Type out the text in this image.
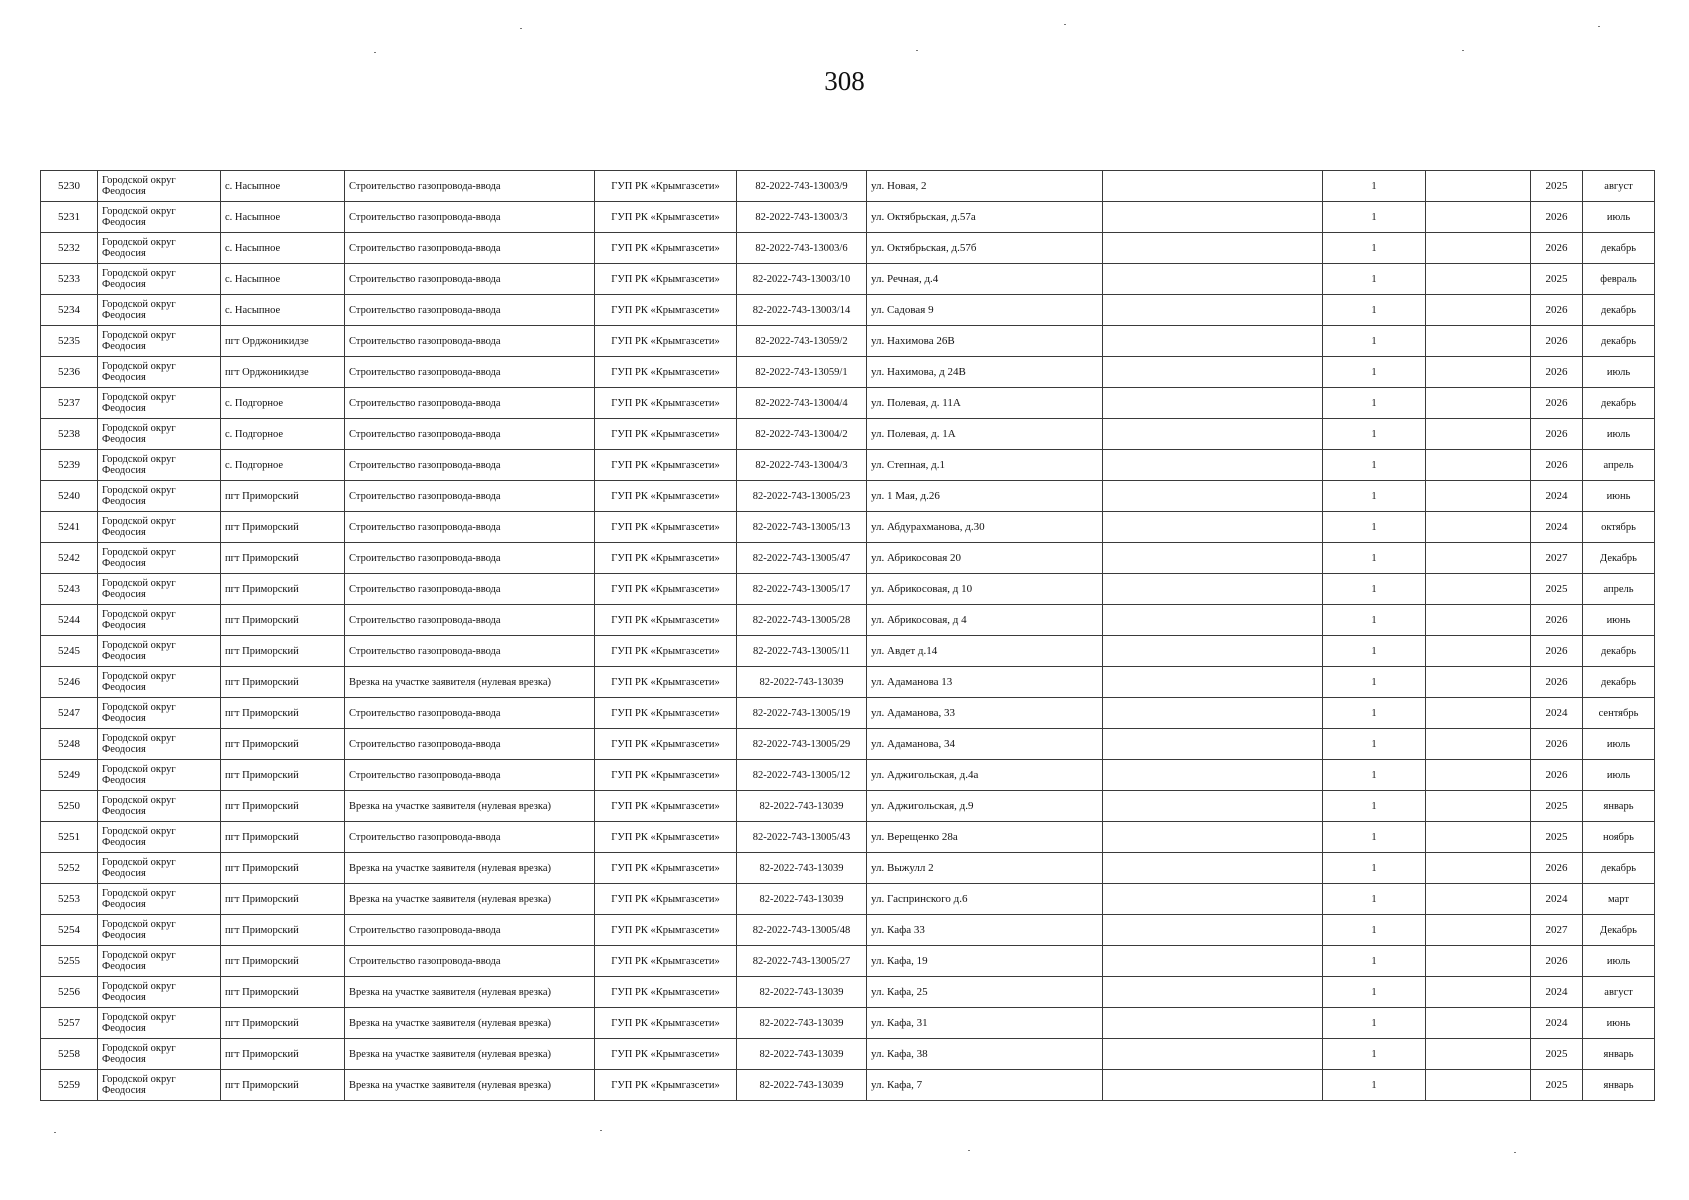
308
5230	Городской округ Феодосия	с. Насыпное	Строительство газопровода-ввода	ГУП РК «Крымгазсети»	82-2022-743-13003/9	ул. Новая, 2		1		2025	август
5231	Городской округ Феодосия	с. Насыпное	Строительство газопровода-ввода	ГУП РК «Крымгазсети»	82-2022-743-13003/3	ул. Октябрьская, д.57а		1		2026	июль
5232	Городской округ Феодосия	с. Насыпное	Строительство газопровода-ввода	ГУП РК «Крымгазсети»	82-2022-743-13003/6	ул. Октябрьская, д.57б		1		2026	декабрь
5233	Городской округ Феодосия	с. Насыпное	Строительство газопровода-ввода	ГУП РК «Крымгазсети»	82-2022-743-13003/10	ул. Речная, д.4		1		2025	февраль
5234	Городской округ Феодосия	с. Насыпное	Строительство газопровода-ввода	ГУП РК «Крымгазсети»	82-2022-743-13003/14	ул. Садовая 9		1		2026	декабрь
5235	Городской округ Феодосия	пгт Орджоникидзе	Строительство газопровода-ввода	ГУП РК «Крымгазсети»	82-2022-743-13059/2	ул. Нахимова 26В		1		2026	декабрь
5236	Городской округ Феодосия	пгт Орджоникидзе	Строительство газопровода-ввода	ГУП РК «Крымгазсети»	82-2022-743-13059/1	ул. Нахимова, д 24В		1		2026	июль
5237	Городской округ Феодосия	с. Подгорное	Строительство газопровода-ввода	ГУП РК «Крымгазсети»	82-2022-743-13004/4	ул. Полевая, д. 11А		1		2026	декабрь
5238	Городской округ Феодосия	с. Подгорное	Строительство газопровода-ввода	ГУП РК «Крымгазсети»	82-2022-743-13004/2	ул. Полевая, д. 1А		1		2026	июль
5239	Городской округ Феодосия	с. Подгорное	Строительство газопровода-ввода	ГУП РК «Крымгазсети»	82-2022-743-13004/3	ул. Степная, д.1		1		2026	апрель
5240	Городской округ Феодосия	пгт Приморский	Строительство газопровода-ввода	ГУП РК «Крымгазсети»	82-2022-743-13005/23	ул. 1 Мая, д.26		1		2024	июнь
5241	Городской округ Феодосия	пгт Приморский	Строительство газопровода-ввода	ГУП РК «Крымгазсети»	82-2022-743-13005/13	ул. Абдурахманова, д.30		1		2024	октябрь
5242	Городской округ Феодосия	пгт Приморский	Строительство газопровода-ввода	ГУП РК «Крымгазсети»	82-2022-743-13005/47	ул. Абрикосовая 20		1		2027	Декабрь
5243	Городской округ Феодосия	пгт Приморский	Строительство газопровода-ввода	ГУП РК «Крымгазсети»	82-2022-743-13005/17	ул. Абрикосовая, д 10		1		2025	апрель
5244	Городской округ Феодосия	пгт Приморский	Строительство газопровода-ввода	ГУП РК «Крымгазсети»	82-2022-743-13005/28	ул. Абрикосовая, д 4		1		2026	июнь
5245	Городской округ Феодосия	пгт Приморский	Строительство газопровода-ввода	ГУП РК «Крымгазсети»	82-2022-743-13005/11	ул. Авдет д.14		1		2026	декабрь
5246	Городской округ Феодосия	пгт Приморский	Врезка на участке заявителя (нулевая врезка)	ГУП РК «Крымгазсети»	82-2022-743-13039	ул. Адаманова 13		1		2026	декабрь
5247	Городской округ Феодосия	пгт Приморский	Строительство газопровода-ввода	ГУП РК «Крымгазсети»	82-2022-743-13005/19	ул. Адаманова, 33		1		2024	сентябрь
5248	Городской округ Феодосия	пгт Приморский	Строительство газопровода-ввода	ГУП РК «Крымгазсети»	82-2022-743-13005/29	ул. Адаманова, 34		1		2026	июль
5249	Городской округ Феодосия	пгт Приморский	Строительство газопровода-ввода	ГУП РК «Крымгазсети»	82-2022-743-13005/12	ул. Аджигольская, д.4а		1		2026	июль
5250	Городской округ Феодосия	пгт Приморский	Врезка на участке заявителя (нулевая врезка)	ГУП РК «Крымгазсети»	82-2022-743-13039	ул. Аджигольская, д.9		1		2025	январь
5251	Городской округ Феодосия	пгт Приморский	Строительство газопровода-ввода	ГУП РК «Крымгазсети»	82-2022-743-13005/43	ул. Верещенко 28а		1		2025	ноябрь
5252	Городской округ Феодосия	пгт Приморский	Врезка на участке заявителя (нулевая врезка)	ГУП РК «Крымгазсети»	82-2022-743-13039	ул. Выжулл 2		1		2026	декабрь
5253	Городской округ Феодосия	пгт Приморский	Врезка на участке заявителя (нулевая врезка)	ГУП РК «Крымгазсети»	82-2022-743-13039	ул. Гаспринского д.6		1		2024	март
5254	Городской округ Феодосия	пгт Приморский	Строительство газопровода-ввода	ГУП РК «Крымгазсети»	82-2022-743-13005/48	ул. Кафа 33		1		2027	Декабрь
5255	Городской округ Феодосия	пгт Приморский	Строительство газопровода-ввода	ГУП РК «Крымгазсети»	82-2022-743-13005/27	ул. Кафа, 19		1		2026	июль
5256	Городской округ Феодосия	пгт Приморский	Врезка на участке заявителя (нулевая врезка)	ГУП РК «Крымгазсети»	82-2022-743-13039	ул. Кафа, 25		1		2024	август
5257	Городской округ Феодосия	пгт Приморский	Врезка на участке заявителя (нулевая врезка)	ГУП РК «Крымгазсети»	82-2022-743-13039	ул. Кафа, 31		1		2024	июнь
5258	Городской округ Феодосия	пгт Приморский	Врезка на участке заявителя (нулевая врезка)	ГУП РК «Крымгазсети»	82-2022-743-13039	ул. Кафа, 38		1		2025	январь
5259	Городской округ Феодосия	пгт Приморский	Врезка на участке заявителя (нулевая врезка)	ГУП РК «Крымгазсети»	82-2022-743-13039	ул. Кафа, 7		1		2025	январь
